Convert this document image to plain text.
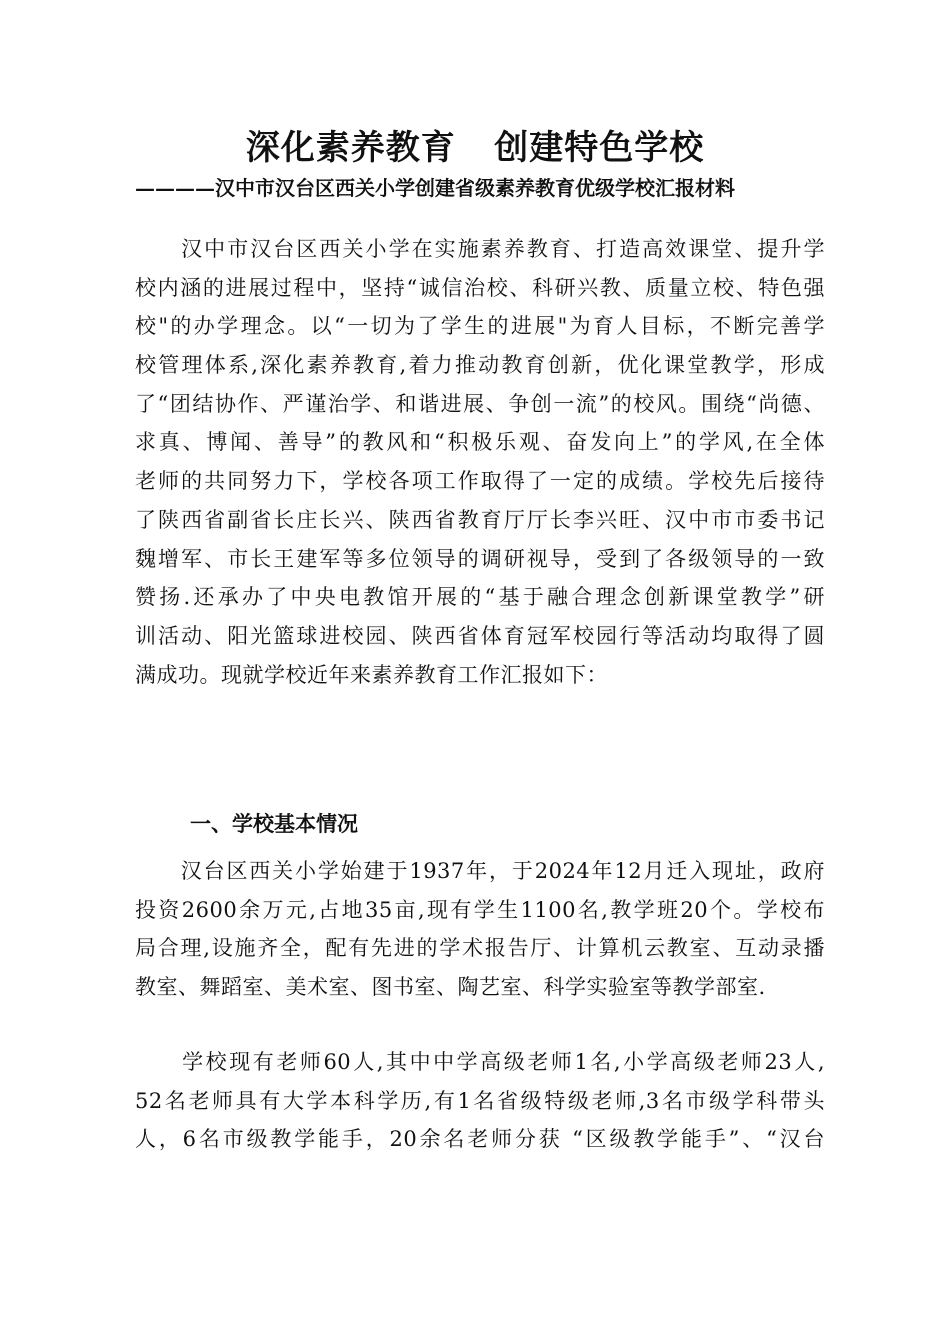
深化素养教育   创建特色学校
————汉中市汉台区西关小学创建省级素养教育优级学校汇报材料
　　汉中市汉台区西关小学在实施素养教育、打造高效课堂、提升学
校内涵的进展过程中，坚持“诚信治校、科研兴教、质量立校、特色强
校"的办学理念。以“一切为了学生的进展"为育人目标，不断完善学
校管理体系,深化素养教育,着力推动教育创新，优化课堂教学，形成
了“团结协作、严谨治学、和谐进展、争创一流”的校风。围绕“尚德、
求真、博闻、善导”的教风和“积极乐观、奋发向上”的学风,在全体
老师的共同努力下，学校各项工作取得了一定的成绩。学校先后接待
了陕西省副省长庄长兴、陕西省教育厅厅长李兴旺、汉中市市委书记
魏增军、市长王建军等多位领导的调研视导，受到了各级领导的一致
赞扬.还承办了中央电教馆开展的“基于融合理念创新课堂教学”研
训活动、阳光篮球进校园、陕西省体育冠军校园行等活动均取得了圆
满成功。现就学校近年来素养教育工作汇报如下：
一、学校基本情况
　　汉台区西关小学始建于1937年，于2024年12月迁入现址，政府
投资2600余万元,占地35亩,现有学生1100名,教学班20个。学校布
局合理,设施齐全，配有先进的学术报告厅、计算机云教室、互动录播
教室、舞蹈室、美术室、图书室、陶艺室、科学实验室等教学部室.
　　学校现有老师60人,其中中学高级老师1名,小学高级老师23人,
52名老师具有大学本科学历,有1名省级特级老师,3名市级学科带头
人，6名市级教学能手，20余名老师分获 “区级教学能手”、“汉台
